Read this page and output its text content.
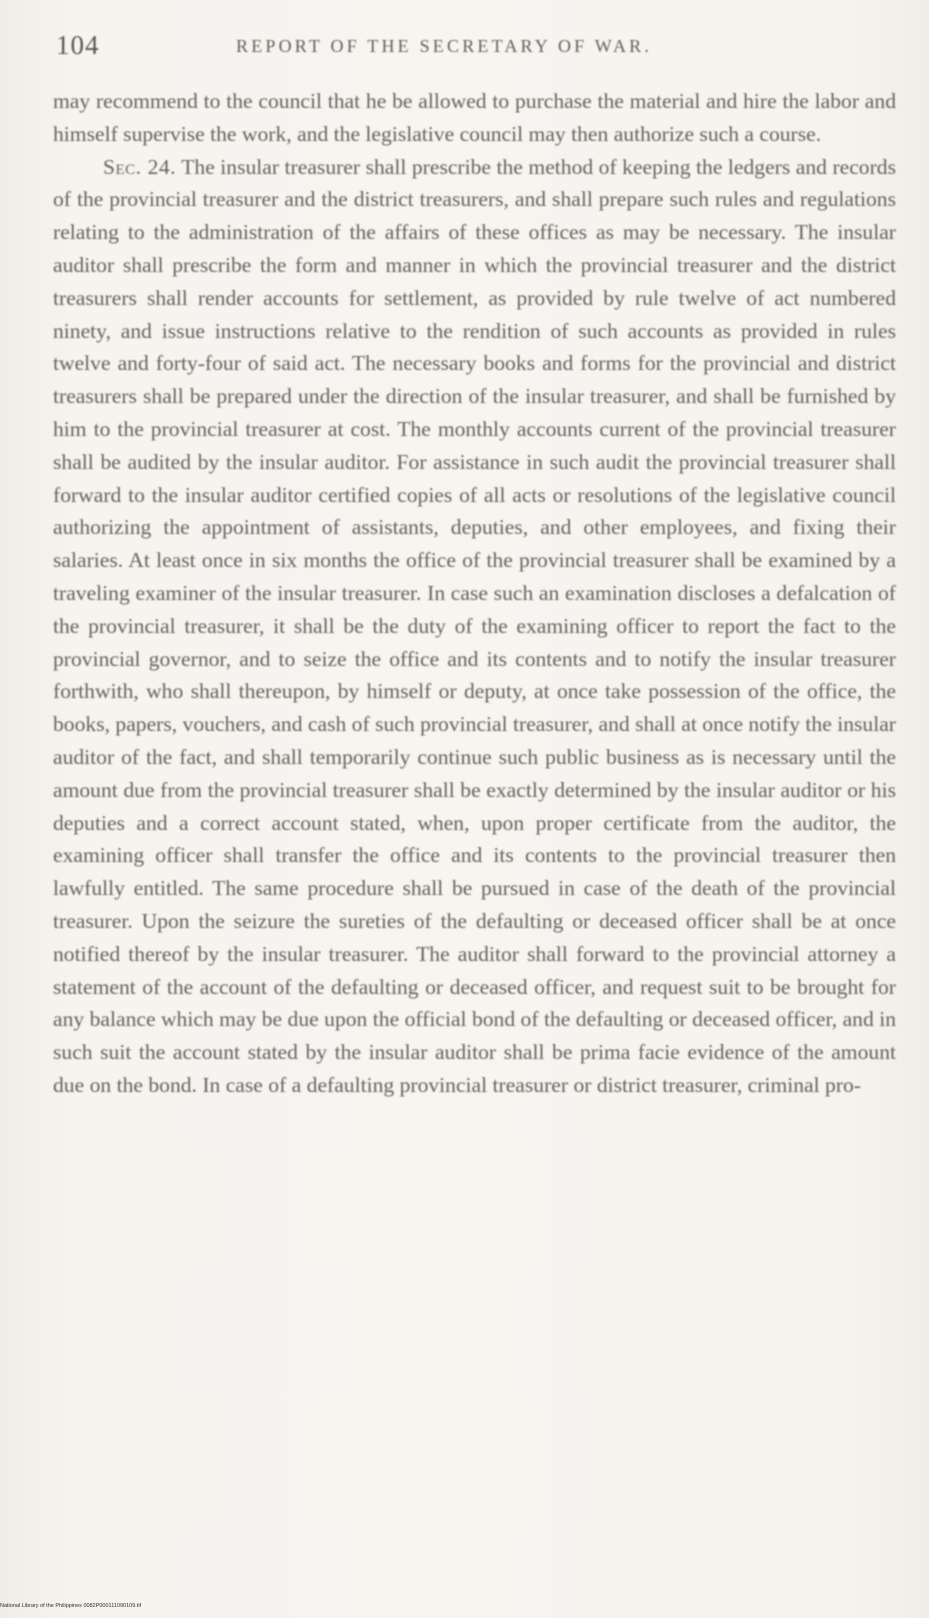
104	REPORT OF THE SECRETARY OF WAR.

may recommend to the council that he be allowed to purchase the material and hire the labor and himself supervise the work, and the legislative council may then authorize such a course.

Sec. 24. The insular treasurer shall prescribe the method of keeping the ledgers and records of the provincial treasurer and the district treasurers, and shall prepare such rules and regulations relating to the administration of the affairs of these offices as may be necessary. The insular auditor shall prescribe the form and manner in which the provincial treasurer and the district treasurers shall render accounts for settlement, as provided by rule twelve of act numbered ninety, and issue instructions relative to the rendition of such accounts as provided in rules twelve and forty-four of said act. The necessary books and forms for the provincial and district treasurers shall be prepared under the direction of the insular treasurer, and shall be furnished by him to the provincial treasurer at cost. The monthly accounts current of the provincial treasurer shall be audited by the insular auditor. For assistance in such audit the provincial treasurer shall forward to the insular auditor certified copies of all acts or resolutions of the legislative council authorizing the appointment of assistants, deputies, and other employees, and fixing their salaries. At least once in six months the office of the provincial treasurer shall be examined by a traveling examiner of the insular treasurer. In case such an examination discloses a defalcation of the provincial treasurer, it shall be the duty of the examining officer to report the fact to the provincial governor, and to seize the office and its contents and to notify the insular treasurer forthwith, who shall thereupon, by himself or deputy, at once take possession of the office, the books, papers, vouchers, and cash of such provincial treasurer, and shall at once notify the insular auditor of the fact, and shall temporarily continue such public business as is necessary until the amount due from the provincial treasurer shall be exactly determined by the insular auditor or his deputies and a correct account stated, when, upon proper certificate from the auditor, the examining officer shall transfer the office and its contents to the provincial treasurer then lawfully entitled. The same procedure shall be pursued in case of the death of the provincial treasurer. Upon the seizure the sureties of the defaulting or deceased officer shall be at once notified thereof by the insular treasurer. The auditor shall forward to the provincial attorney a statement of the account of the defaulting or deceased officer, and request suit to be brought for any balance which may be due upon the official bond of the defaulting or deceased officer, and in such suit the account stated by the insular auditor shall be prima facie evidence of the amount due on the bond. In case of a defaulting provincial treasurer or district treasurer, criminal pro-

National Library of the Philippines 0082P000111090109.tif
